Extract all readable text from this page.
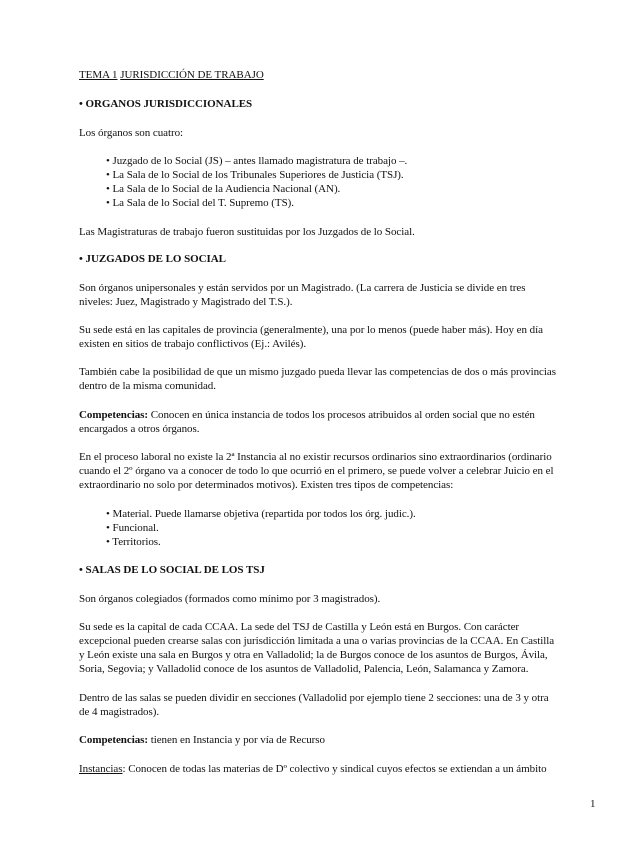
TEMA 1 JURISDICCIÓN DE TRABAJO
• ORGANOS JURISDICCIONALES
Los órganos son cuatro:
• Juzgado de lo Social (JS) – antes llamado magistratura de trabajo –.
• La Sala de lo Social de los Tribunales Superiores de Justicia (TSJ).
• La Sala de lo Social de la Audiencia Nacional (AN).
• La Sala de lo Social del T. Supremo (TS).
Las Magistraturas de trabajo fueron sustituidas por los Juzgados de lo Social.
• JUZGADOS DE LO SOCIAL
Son órganos unipersonales y están servidos por un Magistrado. (La carrera de Justicia se divide en tres
niveles: Juez, Magistrado y Magistrado del T.S.).
Su sede está en las capitales de provincia (generalmente), una por lo menos (puede haber más). Hoy en día
existen en sitios de trabajo conflictivos (Ej.: Avilés).
También cabe la posibilidad de que un mismo juzgado pueda llevar las competencias de dos o más provincias
dentro de la misma comunidad.
Competencias: Conocen en única instancia de todos los procesos atribuidos al orden social que no estén
encargados a otros órganos.
En el proceso laboral no existe la 2ª Instancia al no existir recursos ordinarios sino extraordinarios (ordinario
cuando el 2º órgano va a conocer de todo lo que ocurrió en el primero, se puede volver a celebrar Juicio en el
extraordinario no solo por determinados motivos). Existen tres tipos de competencias:
• Material. Puede llamarse objetiva (repartida por todos los órg. judic.).
• Funcional.
• Territorios.
• SALAS DE LO SOCIAL DE LOS TSJ
Son órganos colegiados (formados como mínimo por 3 magistrados).
Su sede es la capital de cada CCAA. La sede del TSJ de Castilla y León está en Burgos. Con carácter
excepcional pueden crearse salas con jurisdicción limitada a una o varias provincias de la CCAA. En Castilla
y León existe una sala en Burgos y otra en Valladolid; la de Burgos conoce de los asuntos de Burgos, Ávila,
Soria, Segovia; y Valladolid conoce de los asuntos de Valladolid, Palencia, León, Salamanca y Zamora.
Dentro de las salas se pueden dividir en secciones (Valladolid por ejemplo tiene 2 secciones: una de 3 y otra
de 4 magistrados).
Competencias: tienen en Instancia y por vía de Recurso
Instancias: Conocen de todas las materias de Dº colectivo y sindical cuyos efectos se extiendan a un ámbito
1
